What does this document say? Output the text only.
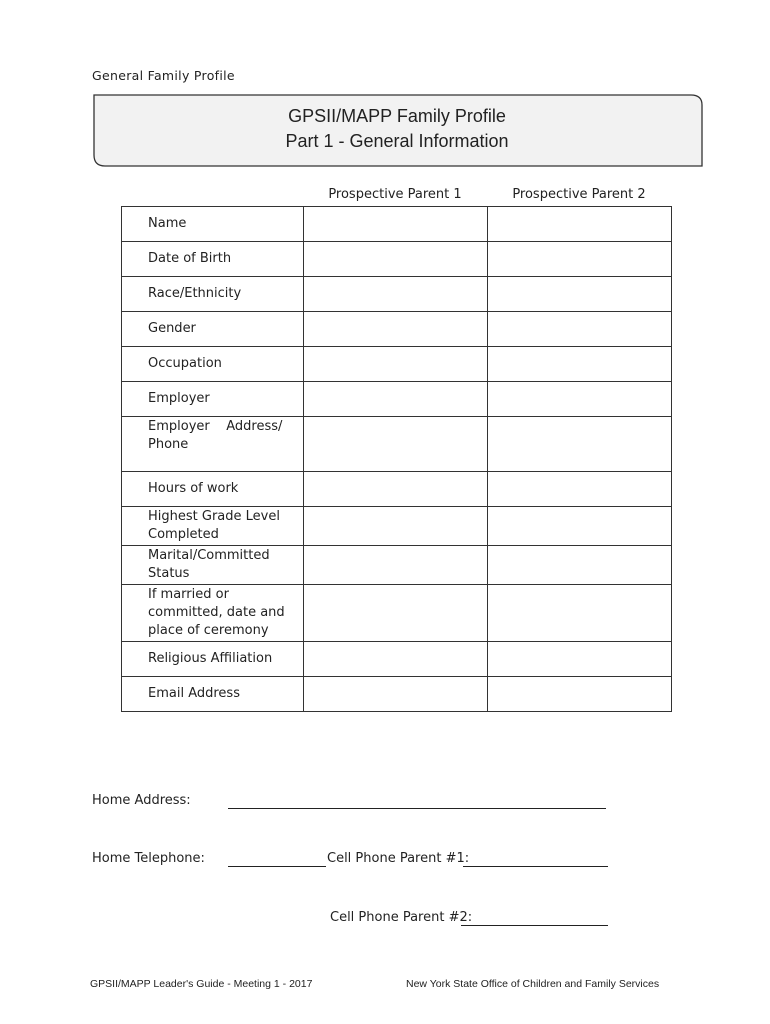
General Family Profile
GPSII/MAPP Family Profile
Part 1 - General Information
Prospective Parent 1	Prospective Parent 2
Name		
Date of Birth		
Race/Ethnicity		
Gender		
Occupation		
Employer		
Employer    Address/ Phone		
Hours of work		
Highest Grade Level Completed		
Marital/Committed Status		
If married or committed, date and place of ceremony		
Religious Affiliation		
Email Address		
Home Address:
Home Telephone:	Cell Phone Parent #1:
Cell Phone Parent #2:
GPSII/MAPP Leader's Guide - Meeting 1 - 2017	New York State Office of Children and Family Services
